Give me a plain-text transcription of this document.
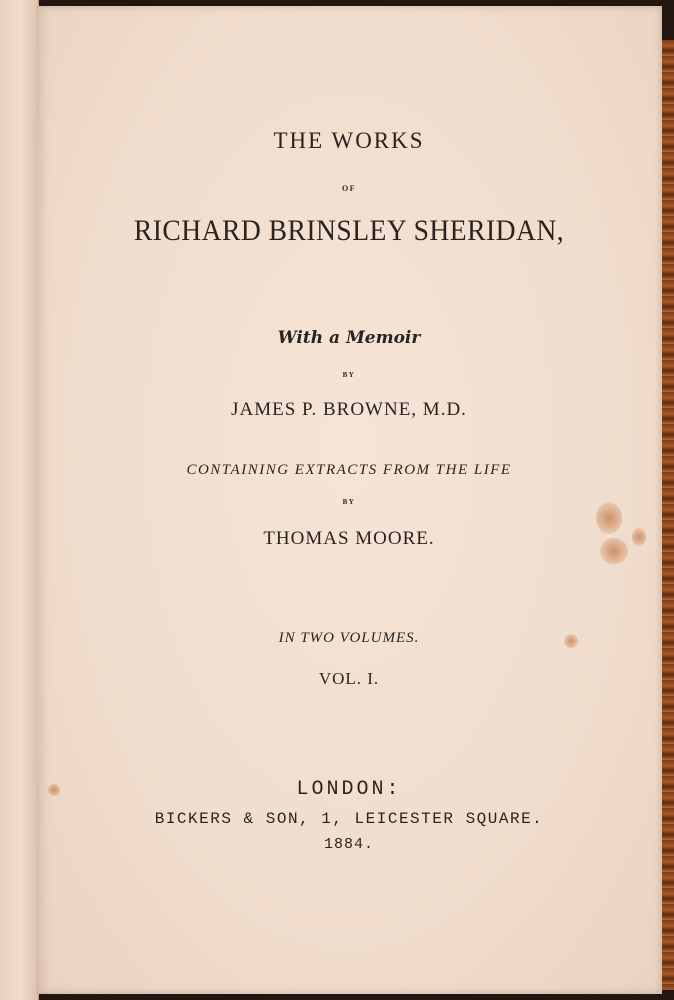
THE WORKS
OF
RICHARD BRINSLEY SHERIDAN,
With a Memoir
BY
JAMES P. BROWNE, M.D.
CONTAINING EXTRACTS FROM THE LIFE
BY
THOMAS MOORE.
IN TWO VOLUMES.
VOL. I.
LONDON:
BICKERS & SON, 1, LEICESTER SQUARE.
1884.
